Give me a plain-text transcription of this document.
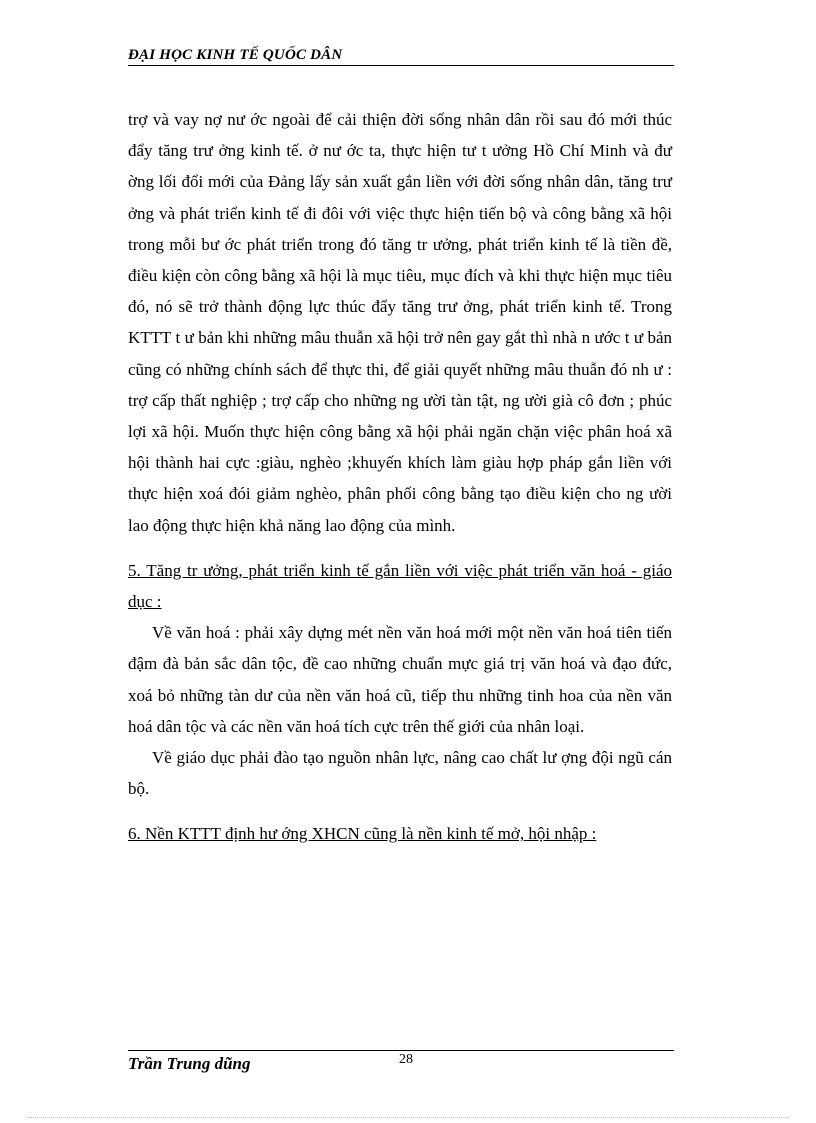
ĐẠI HỌC KINH TẾ QUỐC DÂN

trợ và vay nợ nư ớc ngoài để cải thiện đời sống nhân dân rồi sau đó mới thúc đẩy tăng trư ởng kinh tế. ở nư ớc ta, thực hiện tư t ưởng Hồ Chí Minh và đư ờng lối đổi mới của Đảng lấy sản xuất gắn liền với đời sống nhân dân, tăng trư ởng và phát triển kinh tế đi đôi với việc thực hiện tiến bộ và công bằng xã hội trong mỗi bư ớc phát triển trong đó tăng tr ưởng, phát triển kinh tế là tiền đề, điều kiện còn công bằng xã hội là mục tiêu, mục đích và khi thực hiện mục tiêu đó, nó sẽ trở thành động lực thúc đẩy tăng trư ởng, phát triển kinh tế. Trong KTTT t ư bản khi những mâu thuẫn xã hội trở nên gay gắt thì nhà n ước t ư bản cũng có những chính sách để thực thi, để giải quyết những mâu thuẫn đó nh ư : trợ cấp thất nghiệp ; trợ cấp cho những ng ười tàn tật, ng ười già cô đơn ; phúc lợi xã hội. Muốn thực hiện công bằng xã hội phải ngăn chặn việc phân hoá xã hội thành hai cực :giàu, nghèo ;khuyến khích làm giàu hợp pháp gắn liền với thực hiện xoá đói giảm nghèo, phân phối công bằng tạo điều kiện cho ng ười lao động thực hiện khả năng lao động của mình.

5. Tăng tr ưởng, phát triển kinh tế gắn liền với việc phát triển văn hoá - giáo dục :

Về văn hoá : phải xây dựng mét nền văn hoá mới một nền văn hoá tiên tiến đậm đà bản sắc dân tộc, đề cao những chuẩn mực giá trị văn hoá và đạo đức, xoá bỏ những tàn dư của nền văn hoá cũ, tiếp thu những tinh hoa của nền văn hoá dân tộc và các nền văn hoá tích cực trên thế giới của nhân loại.

Về giáo dục phải đào tạo nguồn nhân lực, nâng cao chất lư ợng đội ngũ cán bộ.

6. Nền KTTT định hư ớng XHCN cũng là nền kinh tế mở, hội nhập :

Trần Trung dũng	28
